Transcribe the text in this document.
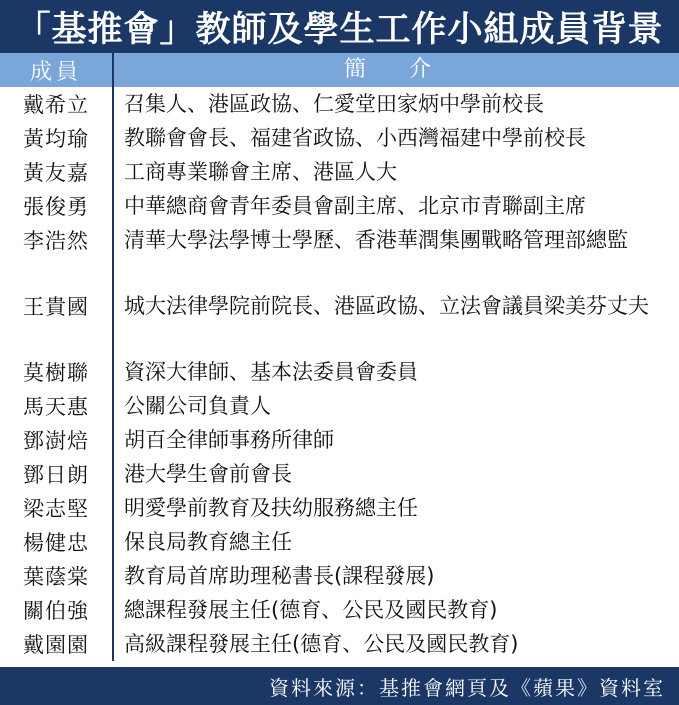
「基推會」教師及學生工作小組成員背景
成員	簡 介
戴希立	召集人、港區政協、仁愛堂田家炳中學前校長
黃均瑜	教聯會會長、福建省政協、小西灣福建中學前校長
黃友嘉	工商專業聯會主席、港區人大
張俊勇	中華總商會青年委員會副主席、北京市青聯副主席
李浩然	清華大學法學博士學歷、香港華潤集團戰略管理部總監
王貴國	城大法律學院前院長、港區政協、立法會議員梁美芬丈夫
莫樹聯	資深大律師、基本法委員會委員
馬天惠	公關公司負責人
鄧澍焙	胡百全律師事務所律師
鄧日朗	港大學生會前會長
梁志堅	明愛學前教育及扶幼服務總主任
楊健忠	保良局教育總主任
葉蔭棠	教育局首席助理秘書長(課程發展)
關伯強	總課程發展主任(德育、公民及國民教育)
戴園園	高級課程發展主任(德育、公民及國民教育)
資料來源：基推會網頁及《蘋果》資料室
